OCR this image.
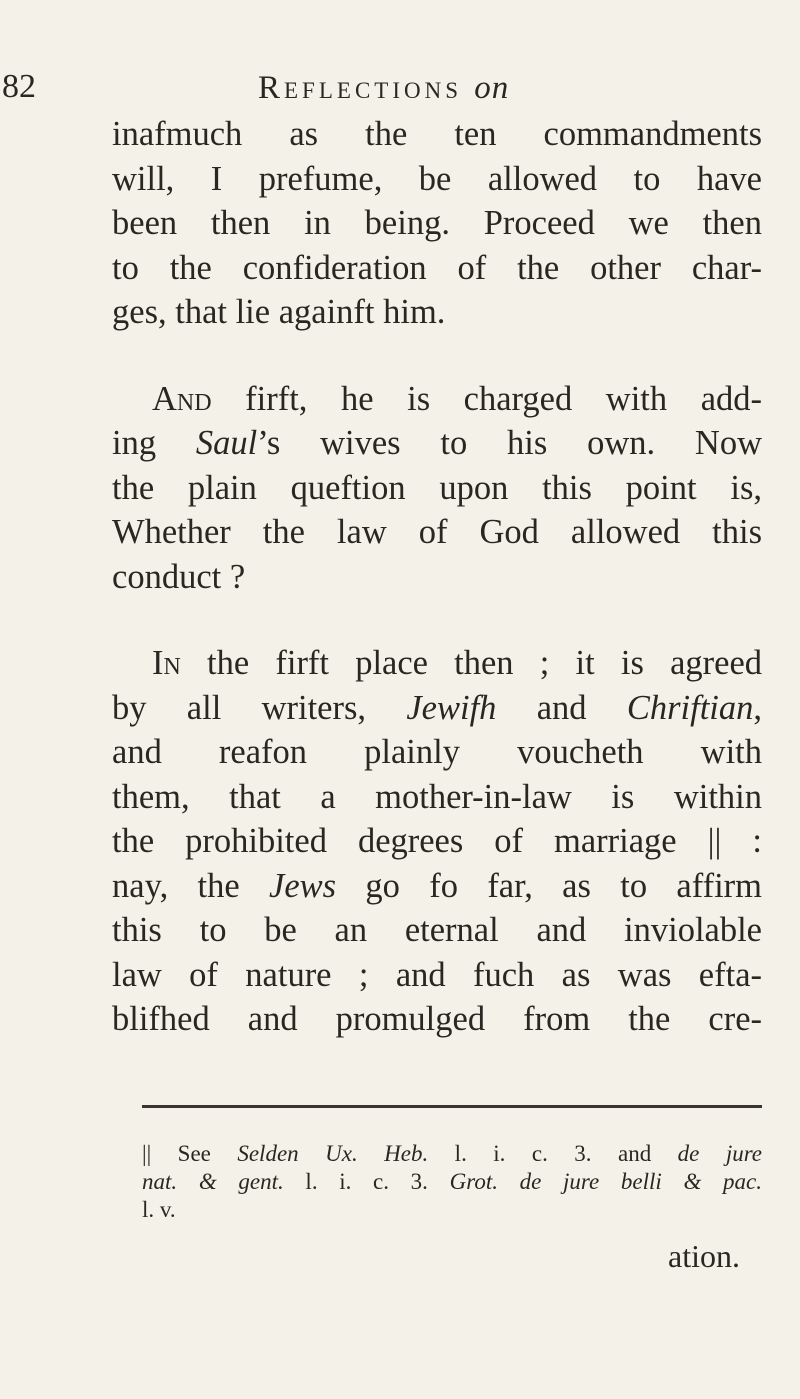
82	Reflections on
inafmuch as the ten commandments
will, I prefume, be allowed to have
been then in being. Proceed we then
to the confideration of the other char-
ges, that lie againft him.
And firft, he is charged with add-
ing Saul’s wives to his own. Now
the plain queftion upon this point is,
Whether the law of God allowed this
conduct ?
In the firft place then ; it is agreed
by all writers, Jewifh and Chriftian,
and reafon plainly voucheth with
them, that a mother-in-law is within
the prohibited degrees of marriage || :
nay, the Jews go fo far, as to affirm
this to be an eternal and inviolable
law of nature ; and fuch as was efta-
blifhed and promulged from the cre-
|| See Selden Ux. Heb. l. i. c. 3. and de jure
nat. & gent. l. i. c. 3. Grot. de jure belli & pac.
l. v.
ation.
